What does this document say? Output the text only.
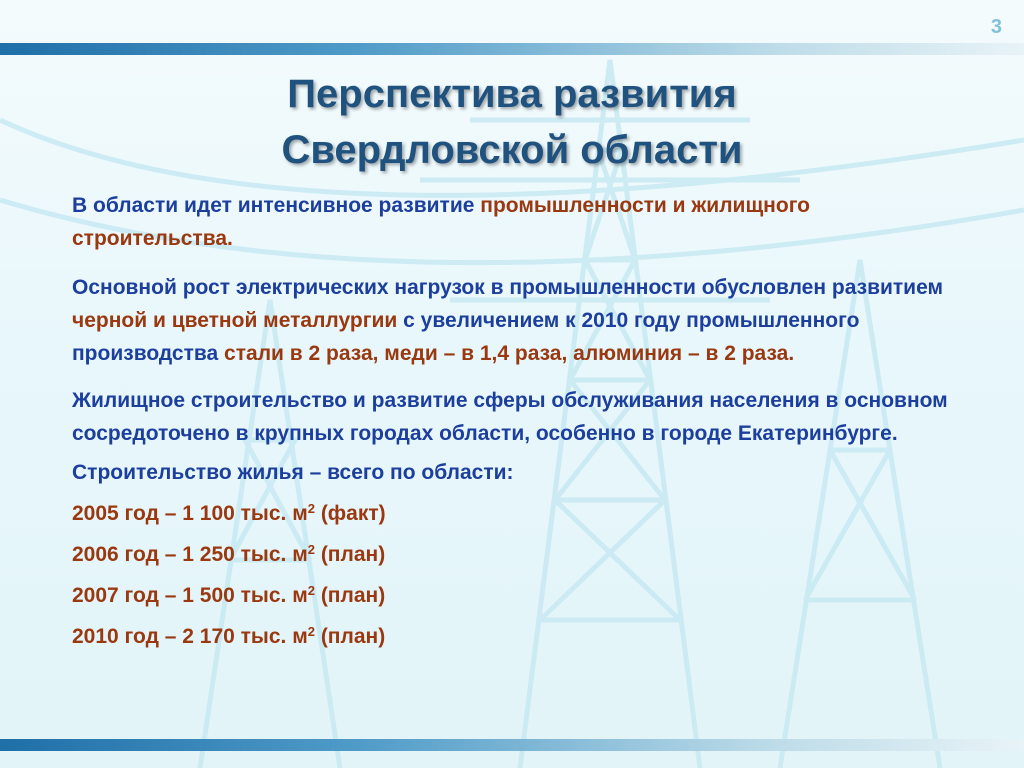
3
Перспектива развития
Свердловской области

В области идет интенсивное развитие промышленности и жилищного строительства.

Основной рост электрических нагрузок в промышленности обусловлен развитием черной и цветной металлургии с увеличением к 2010 году промышленного производства стали в 2 раза, меди – в 1,4 раза, алюминия – в 2 раза.

Жилищное строительство и развитие сферы обслуживания населения в основном сосредоточено в крупных городах области, особенно в городе Екатеринбурге.

Строительство жилья – всего по области:

2005 год – 1 100 тыс. $м^2$ (факт)

2006 год – 1 250 тыс. $м^2$ (план)

2007 год – 1 500 тыс. $м^2$ (план)

2010 год – 2 170 тыс. $м^2$ (план)
